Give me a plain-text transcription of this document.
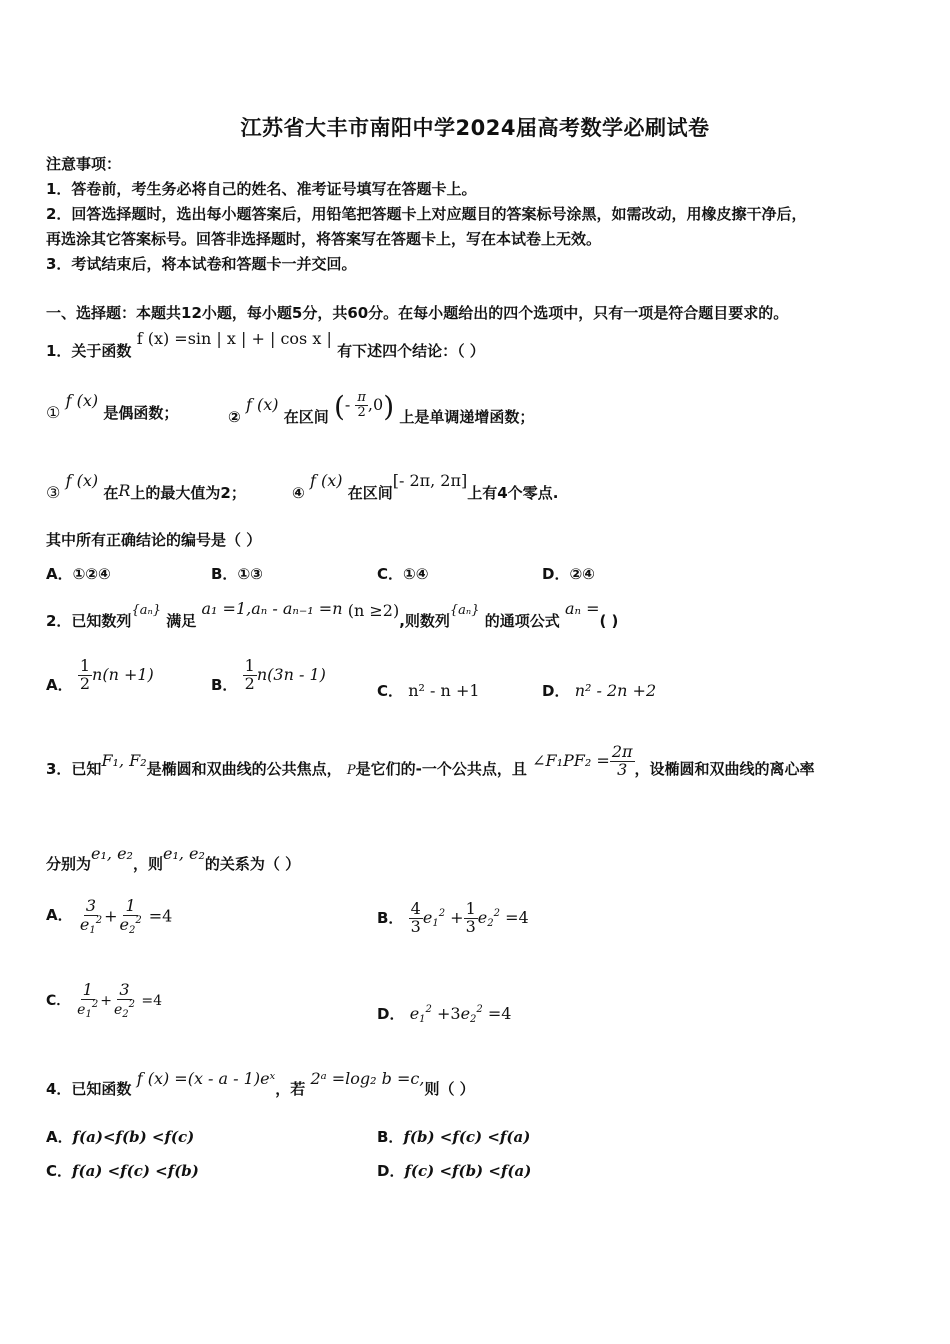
江苏省大丰市南阳中学2024届高考数学必刷试卷
注意事项：
1．答卷前，考生务必将自己的姓名、准考证号填写在答题卡上。
2．回答选择题时，选出每小题答案后，用铅笔把答题卡上对应题目的答案标号涂黑，如需改动，用橡皮擦干净后，
再选涂其它答案标号。回答非选择题时，将答案写在答题卡上，写在本试卷上无效。
3．考试结束后，将本试卷和答题卡一并交回。
一、选择题：本题共12小题，每小题5分，共60分。在每小题给出的四个选项中，只有一项是符合题目要求的。
1．关于函数 f (x) =sin | x | + | cos x | 有下述四个结论：（ ）
① f (x) 是偶函数；	② f (x) 在区间 (- $\frac{\pi}{2} ,0$) 上是单调递增函数；
③ f (x) 在R上的最大值为2；	④ f (x) 在区间[- 2π, 2π]上有4个零点.
其中所有正确结论的编号是（ ）
A．①②④	B．①③	C．①④	D．②④
2．已知数列{aₙ} 满足 a₁ =1,aₙ - aₙ₋₁ =n (n ≥2),则数列{aₙ} 的通项公式 aₙ =( )
A． $\frac{1}{2} n(n +1)$
B． $\frac{1}{2} n(3n - 1)$
C． n² - n +1	D． n² - 2n +2
3．已知F₁, F₂是椭圆和双曲线的公共焦点， P是它们的-一个公共点，且 ∠F₁PF₂ = $\frac{2\pi}{3}$ ，设椭圆和双曲线的离心率
分别为e₁, e₂，则e₁, e₂的关系为（ ）
A． $\frac{3}{e_1^2} + \frac{1}{e_2^2} =4$	B． $\frac{4}{3} e_1^2 + \frac{1}{3} e_2^2 =4$
C． $\frac{1}{e_1^2} + \frac{3}{e_2^2} =4$
D． $e_1^2 +3e_2^2 =4$
4．已知函数 f (x) =(x - a - 1)eˣ，若 2ᵃ =log₂ b =c,则（ ）
A．f(a)<f(b) <f(c)	B．f(b) <f(c) <f(a)
C．f(a) <f(c) <f(b)	D．f(c) <f(b) <f(a)
